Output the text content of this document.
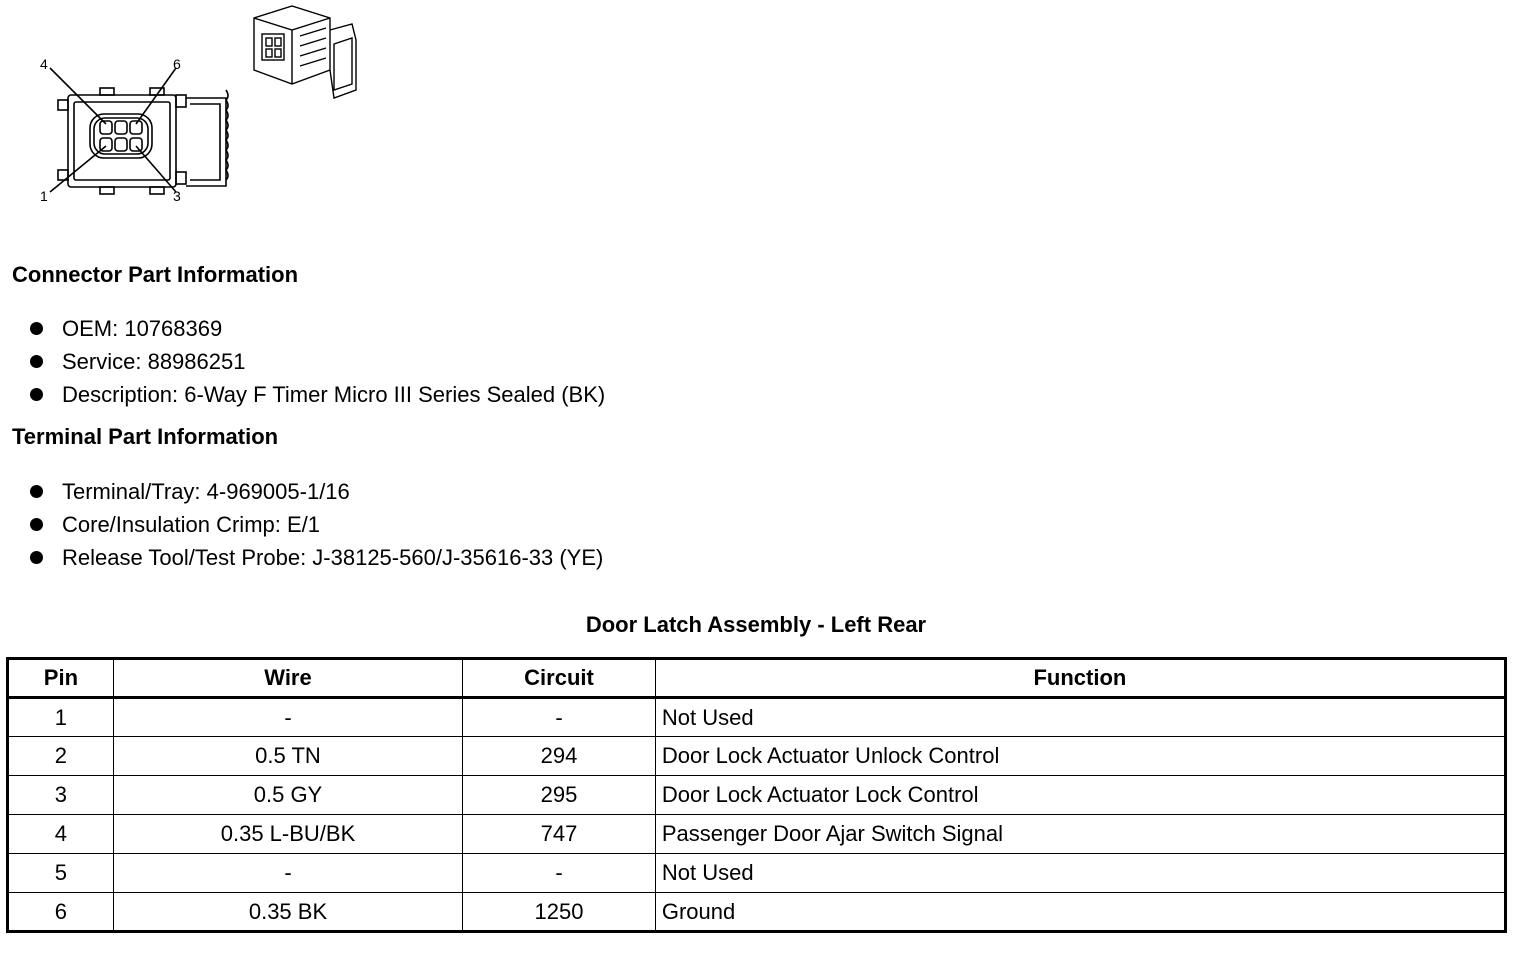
4	6
1	3
Connector Part Information
OEM: 10768369
Service: 88986251
Description: 6-Way F Timer Micro III Series Sealed (BK)
Terminal Part Information
Terminal/Tray: 4-969005-1/16
Core/Insulation Crimp: E/1
Release Tool/Test Probe: J-38125-560/J-35616-33 (YE)
Door Latch Assembly - Left Rear
Pin	Wire	Circuit	Function
1	-	-	Not Used
2	0.5 TN	294	Door Lock Actuator Unlock Control
3	0.5 GY	295	Door Lock Actuator Lock Control
4	0.35 L-BU/BK	747	Passenger Door Ajar Switch Signal
5	-	-	Not Used
6	0.35 BK	1250	Ground
